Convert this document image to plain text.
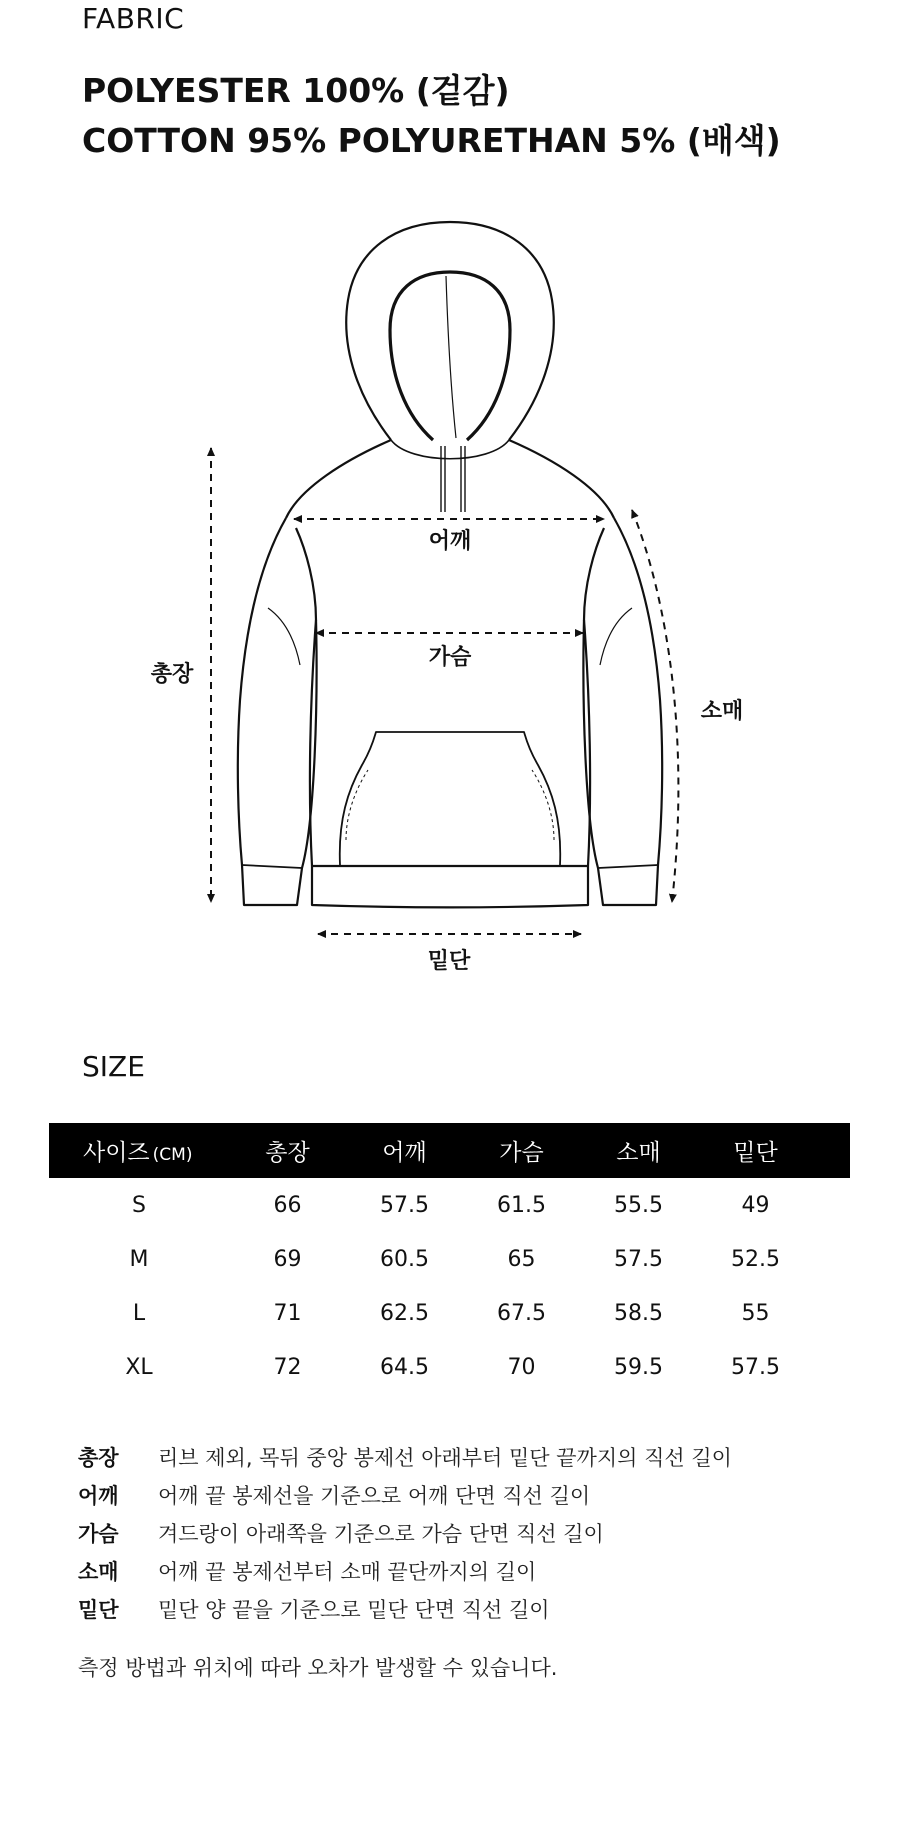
FABRIC
POLYESTER 100% (겉감)
COTTON 95% POLYURETHAN 5% (배색)
총장
어깨
가슴
소매
밑단
SIZE
사이즈 (CM)	총장	어깨	가슴	소매	밑단
S	66	57.5	61.5	55.5	49
M	69	60.5	65	57.5	52.5
L	71	62.5	67.5	58.5	55
XL	72	64.5	70	59.5	57.5
총장	리브 제외, 목뒤 중앙 봉제선 아래부터 밑단 끝까지의 직선 길이
어깨	어깨 끝 봉제선을 기준으로 어깨 단면 직선 길이
가슴	겨드랑이 아래쪽을 기준으로 가슴 단면 직선 길이
소매	어깨 끝 봉제선부터 소매 끝단까지의 길이
밑단	밑단 양 끝을 기준으로 밑단 단면 직선 길이
측정 방법과 위치에 따라 오차가 발생할 수 있습니다.
